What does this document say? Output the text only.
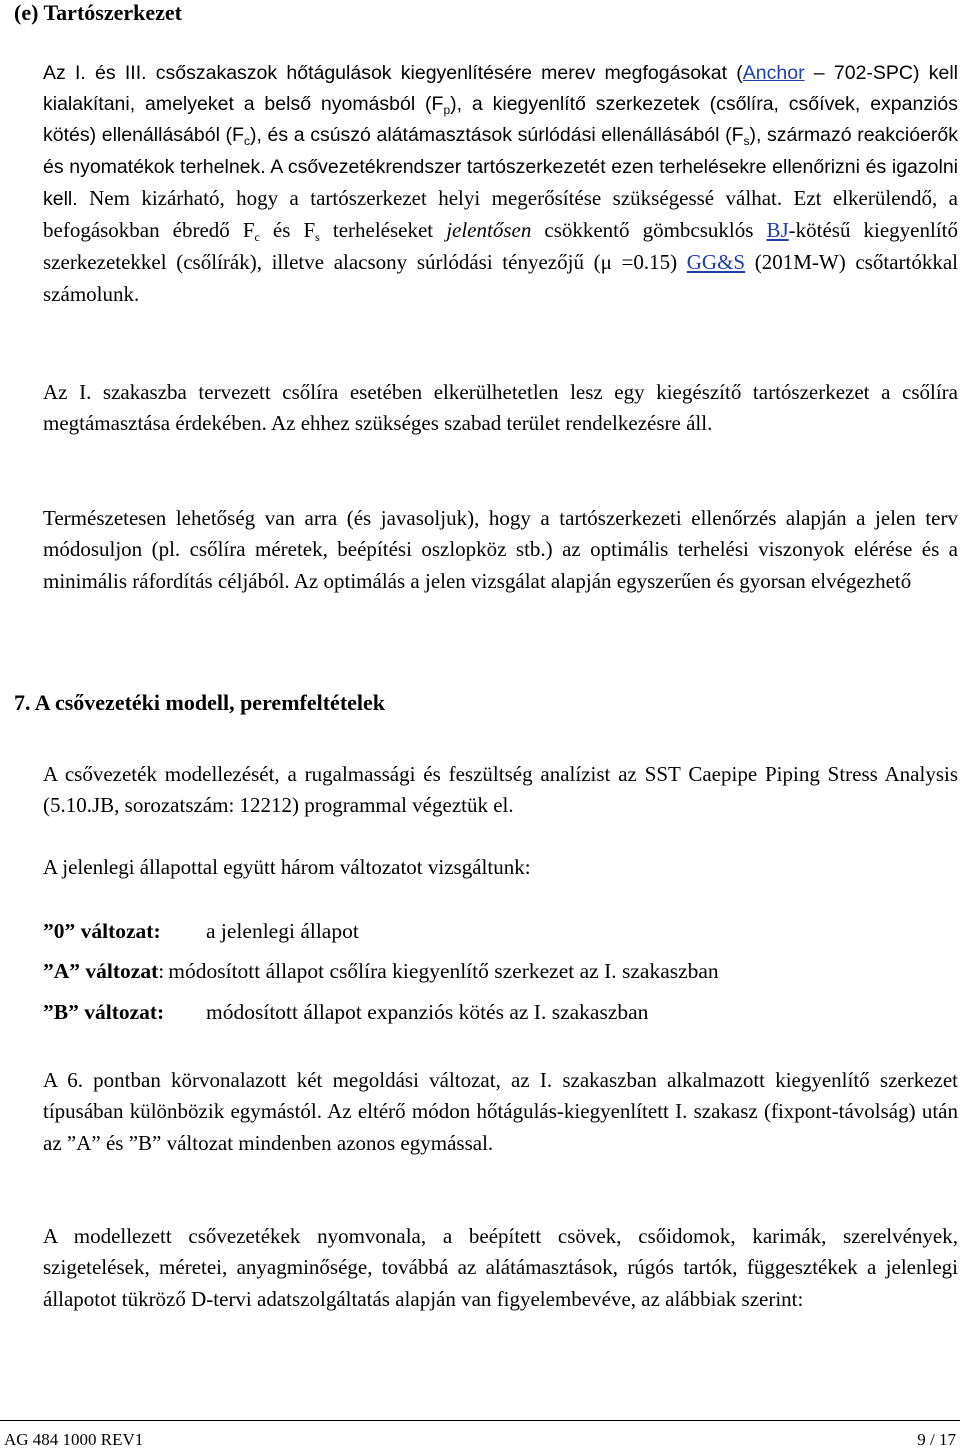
(e) Tartószerkezet
Az I. és III. csőszakaszok hőtágulások kiegyenlítésére merev megfogásokat (Anchor – 702-SPC) kell kialakítani, amelyeket a belső nyomásból $(F_p)$, a kiegyenlítő szerkezetek (csőlíra, csőívek, expanziós kötés) ellenállásából $(F_c)$, és a csúszó alátámasztások súrlódási ellenállásából $(F_s)$, származó reakcióerők és nyomatékok terhelnek. A csővezetékrendszer tartószerkezetét ezen terhelésekre ellenőrizni és igazolni kell. Nem kizárható, hogy a tartószerkezet helyi megerősítése szükségessé válhat. Ezt elkerülendő, a befogásokban ébredő $F_c$ és $F_s$ terheléseket jelentősen csökkentő gömbcsuklós BJ-kötésű kiegyenlítő szerkezetekkel (csőlírák), illetve alacsony súrlódási tényezőjű (μ =0.15) GG&S (201M-W) csőtartókkal számolunk.
Az I. szakaszba tervezett csőlíra esetében elkerülhetetlen lesz egy kiegészítő tartószerkezet a csőlíra megtámasztása érdekében. Az ehhez szükséges szabad terület rendelkezésre áll.
Természetesen lehetőség van arra (és javasoljuk), hogy a tartószerkezeti ellenőrzés alapján a jelen terv módosuljon (pl. csőlíra méretek, beépítési oszlopköz stb.) az optimális terhelési viszonyok elérése és a minimális ráfordítás céljából. Az optimálás a jelen vizsgálat alapján egyszerűen és gyorsan elvégezhető
7. A csővezetéki modell, peremfeltételek
A csővezeték modellezését, a rugalmassági és feszültség analízist az SST Caepipe Piping Stress Analysis (5.10.JB, sorozatszám: 12212) programmal végeztük el.
A jelenlegi állapottal együtt három változatot vizsgáltunk:
”0” változat: a jelenlegi állapot
”A” változat: módosított állapot csőlíra kiegyenlítő szerkezet az I. szakaszban
”B” változat: módosított állapot expanziós kötés az I. szakaszban
A 6. pontban körvonalazott két megoldási változat, az I. szakaszban alkalmazott kiegyenlítő szerkezet típusában különbözik egymástól. Az eltérő módon hőtágulás-kiegyenlített I. szakasz (fixpont-távolság) után az ”A” és ”B” változat mindenben azonos egymással.
A modellezett csővezetékek nyomvonala, a beépített csövek, csőidomok, karimák, szerelvények, szigetelések, méretei, anyagminősége, továbbá az alátámasztások, rúgós tartók, függesztékek a jelenlegi állapotot tükröző D-tervi adatszolgáltatás alapján van figyelembevéve, az alábbiak szerint:
AG 484 1000 REV1	9 / 17
